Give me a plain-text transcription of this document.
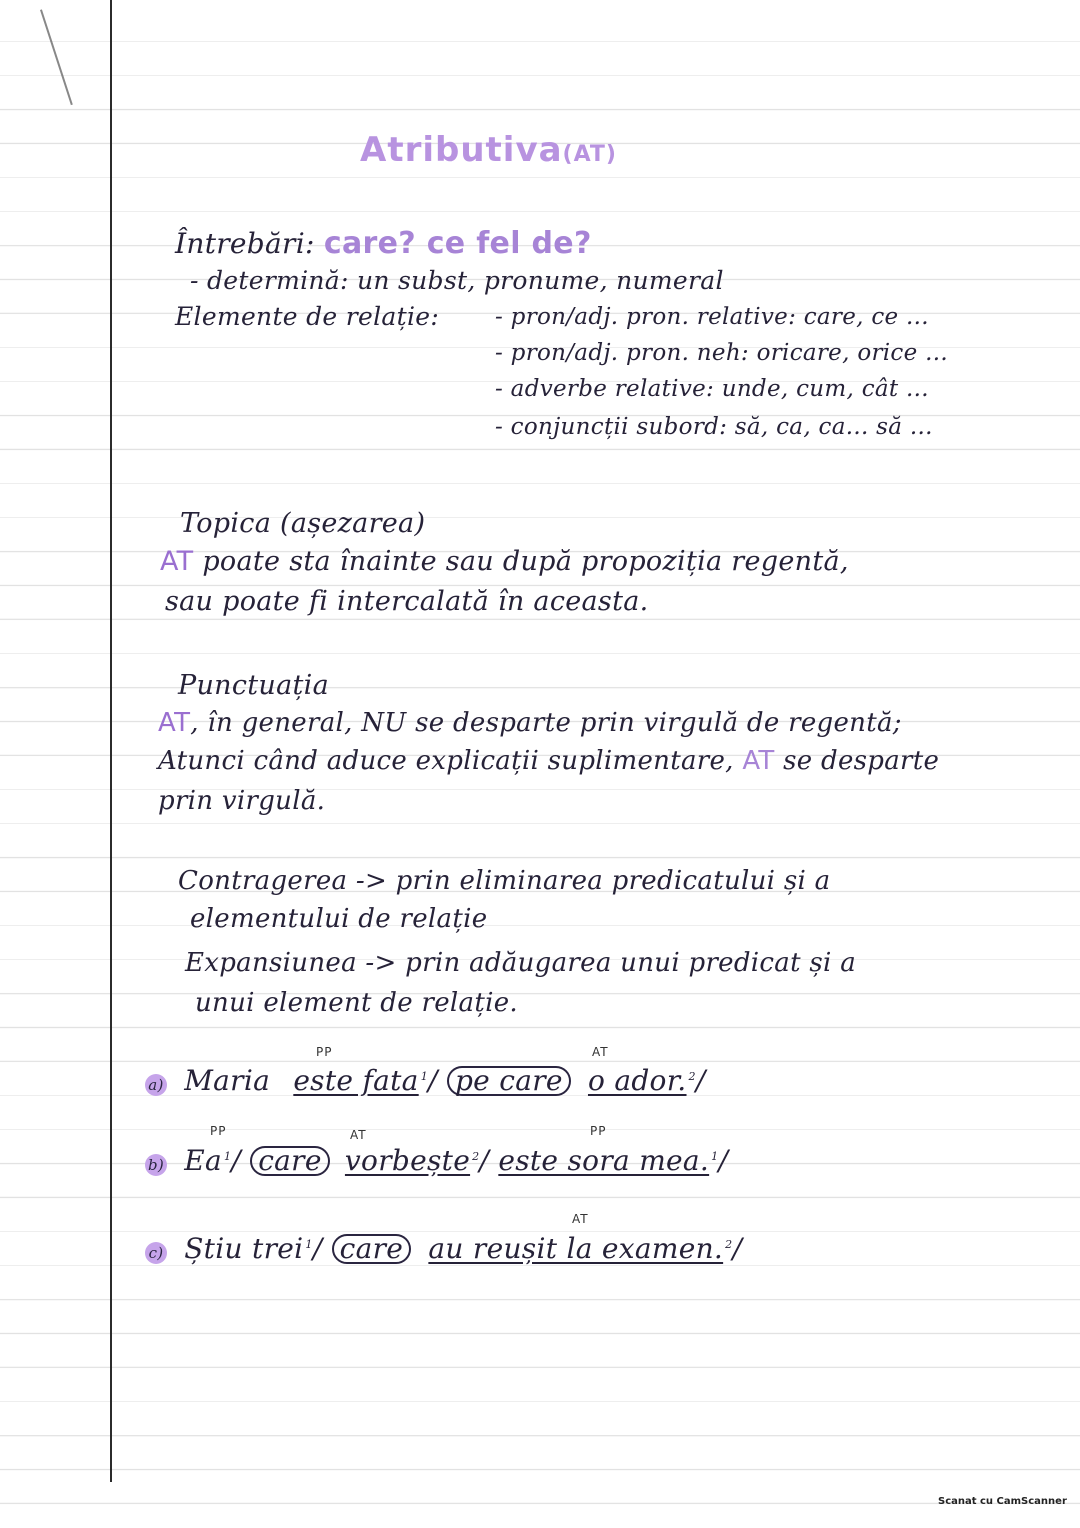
Atributiva(AT)
Întrebări: care? ce fel de?
- determină: un subst, pronume, numeral
Elemente de relație: - pron/adj. pron. relative: care, ce ...
- pron/adj. pron. neh: oricare, orice ...
- adverbe relative: unde, cum, cât ...
- conjuncții subord: să, ca, ca... să ...
Topica (așezarea)
AT poate sta înainte sau după propoziția regentă,
sau poate fi intercalată în aceasta.
Punctuația
AT, în general, NU se desparte prin virgulă de regentă;
Atunci când aduce explicații suplimentare, AT se desparte
prin virgulă.
Contragerea -> prin eliminarea predicatului și a
elementului de relație
Expansiunea -> prin adăugarea unui predicat și a
unui element de relație.
PP	AT
a) Maria este fata $^1$/ pe care o ador. $^2$/
PP	AT	PP
b) Ea $^1$/ care vorbește $^2$/ este sora mea. $^1$/
AT
c) Știu trei $^1$/ care au reușit la examen. $^2$/
Scanat cu CamScanner
